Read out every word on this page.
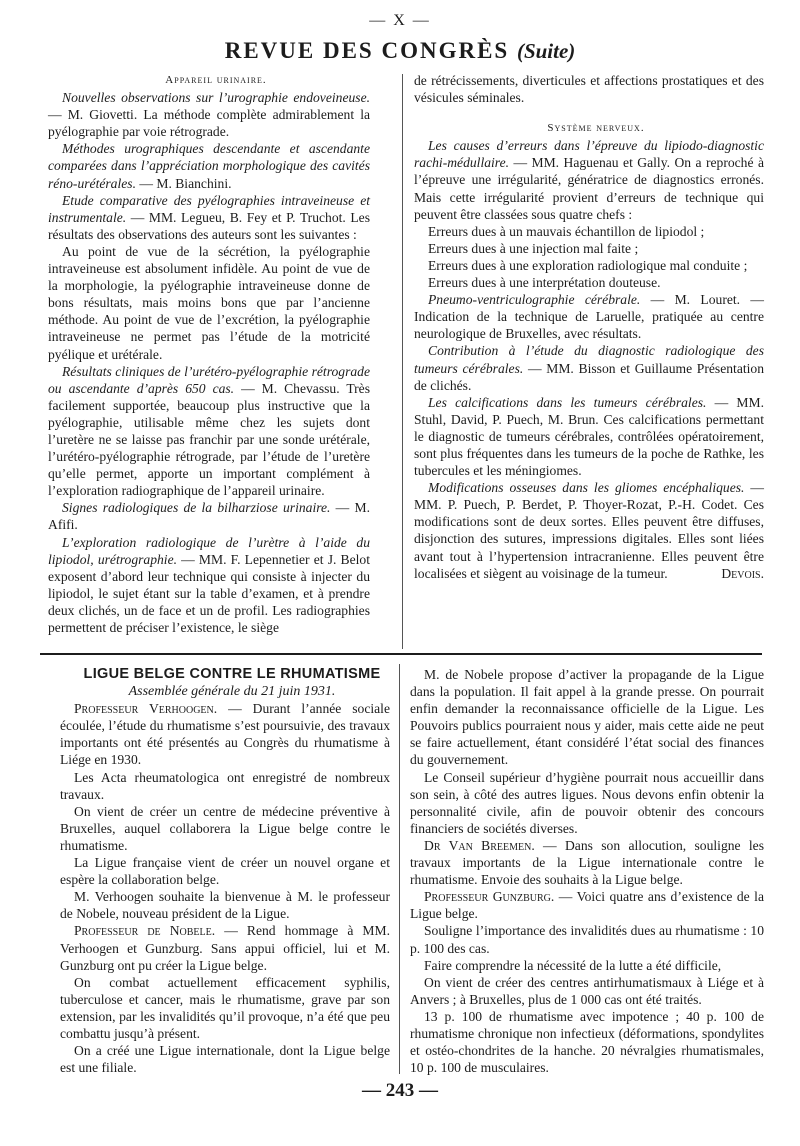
— X —
REVUE DES CONGRÈS (Suite)

Appareil urinaire.

Nouvelles observations sur l’urographie endoveineuse. — M. Giovetti. La méthode complète admirablement la pyélographie par voie rétrograde.

Méthodes urographiques descendante et ascendante comparées dans l’appréciation morphologique des cavités réno-urétérales. — M. Bianchini.

Etude comparative des pyélographies intraveineuse et instrumentale. — MM. Legueu, B. Fey et P. Truchot. Les résultats des observations des auteurs sont les suivantes :

Au point de vue de la sécrétion, la pyélographie intraveineuse est absolument infidèle. Au point de vue de la morphologie, la pyélographie intraveineuse donne de bons résultats, mais moins bons que par l’ancienne méthode. Au point de vue de l’excrétion, la pyélographie intraveineuse ne permet pas l’étude de la motricité pyélique et urétérale.

Résultats cliniques de l’urétéro-pyélographie rétrograde ou ascendante d’après 650 cas. — M. Chevassu. Très facilement supportée, beaucoup plus instructive que la pyélographie, utilisable même chez les sujets dont l’uretère ne se laisse pas franchir par une sonde urétérale, l’urétéro-pyélographie rétrograde, par l’étude de l’uretère qu’elle permet, apporte un important complément à l’exploration radiographique de l’appareil urinaire.

Signes radiologiques de la bilharziose urinaire. — M. Afifi.

L’exploration radiologique de l’urètre à l’aide du lipiodol, urétrographie. — MM. F. Lepennetier et J. Belot exposent d’abord leur technique qui consiste à injecter du lipiodol, le sujet étant sur la table d’examen, et à prendre deux clichés, un de face et un de profil. Les radiographies permettent de préciser l’existence, le siège

de rétrécissements, diverticules et affections prostatiques et des vésicules séminales.

Système nerveux.

Les causes d’erreurs dans l’épreuve du lipiodo-diagnostic rachi-médullaire. — MM. Haguenau et Gally. On a reproché à l’épreuve une irrégularité, génératrice de diagnostics erronés. Mais cette irrégularité provient d’erreurs de technique qui peuvent être classées sous quatre chefs :

Erreurs dues à un mauvais échantillon de lipiodol ;

Erreurs dues à une injection mal faite ;

Erreurs dues à une exploration radiologique mal conduite ;

Erreurs dues à une interprétation douteuse.

Pneumo-ventriculographie cérébrale. — M. Louret. — Indication de la technique de Laruelle, pratiquée au centre neurologique de Bruxelles, avec résultats.

Contribution à l’étude du diagnostic radiologique des tumeurs cérébrales. — MM. Bisson et Guillaume Présentation de clichés.

Les calcifications dans les tumeurs cérébrales. — MM. Stuhl, David, P. Puech, M. Brun. Ces calcifications permettant le diagnostic de tumeurs cérébrales, contrôlées opératoirement, sont plus fréquentes dans les tumeurs de la poche de Rathke, les tubercules et les méningiomes.

Modifications osseuses dans les gliomes encéphaliques. — MM. P. Puech, P. Berdet, P. Thoyer-Rozat, P.-H. Codet. Ces modifications sont de deux sortes. Elles peuvent être diffuses, disjonction des sutures, impressions digitales. Elles sont liées avant tout à l’hypertension intracranienne. Elles peuvent être localisées et siègent au voisinage de la tumeur.	Devois.

LIGUE BELGE CONTRE LE RHUMATISME

Assemblée générale du 21 juin 1931.

Professeur Verhoogen. — Durant l’année sociale écoulée, l’étude du rhumatisme s’est poursuivie, des travaux importants ont été présentés au Congrès du rhumatisme à Liége en 1930.

Les Acta rheumatologica ont enregistré de nombreux travaux.

On vient de créer un centre de médecine préventive à Bruxelles, auquel collaborera la Ligue belge contre le rhumatisme.

La Ligue française vient de créer un nouvel organe et espère la collaboration belge.

M. Verhoogen souhaite la bienvenue à M. le professeur de Nobele, nouveau président de la Ligue.

Professeur de Nobele. — Rend hommage à MM. Verhoogen et Gunzburg. Sans appui officiel, lui et M. Gunzburg ont pu créer la Ligue belge.

On combat actuellement efficacement syphilis, tuberculose et cancer, mais le rhumatisme, grave par son extension, par les invalidités qu’il provoque, n’a été que peu combattu jusqu’à présent.

On a créé une Ligue internationale, dont la Ligue belge est une filiale.

M. de Nobele propose d’activer la propagande de la Ligue dans la population. Il fait appel à la grande presse. On pourrait enfin demander la reconnaissance officielle de la Ligue. Les Pouvoirs publics pourraient nous y aider, mais cette aide ne peut se faire actuellement, étant considéré l’état social des finances du gouvernement.

Le Conseil supérieur d’hygiène pourrait nous accueillir dans son sein, à côté des autres ligues. Nous devons enfin obtenir la personnalité civile, afin de pouvoir obtenir des concours financiers de sociétés diverses.

Dr Van Breemen. — Dans son allocution, souligne les travaux importants de la Ligue internationale contre le rhumatisme. Envoie des souhaits à la Ligue belge.

Professeur Gunzburg. — Voici quatre ans d’existence de la Ligue belge.

Souligne l’importance des invalidités dues au rhumatisme : 10 p. 100 des cas.

Faire comprendre la nécessité de la lutte a été difficile,

On vient de créer des centres antirhumatismaux à Liége et à Anvers ; à Bruxelles, plus de 1 000 cas ont été traités.

13 p. 100 de rhumatisme avec impotence ; 40 p. 100 de rhumatisme chronique non infectieux (déformations, spondylites et ostéo-chondrites de la hanche. 20 névralgies rhumatismales, 10 p. 100 de musculaires.

— 243 —
